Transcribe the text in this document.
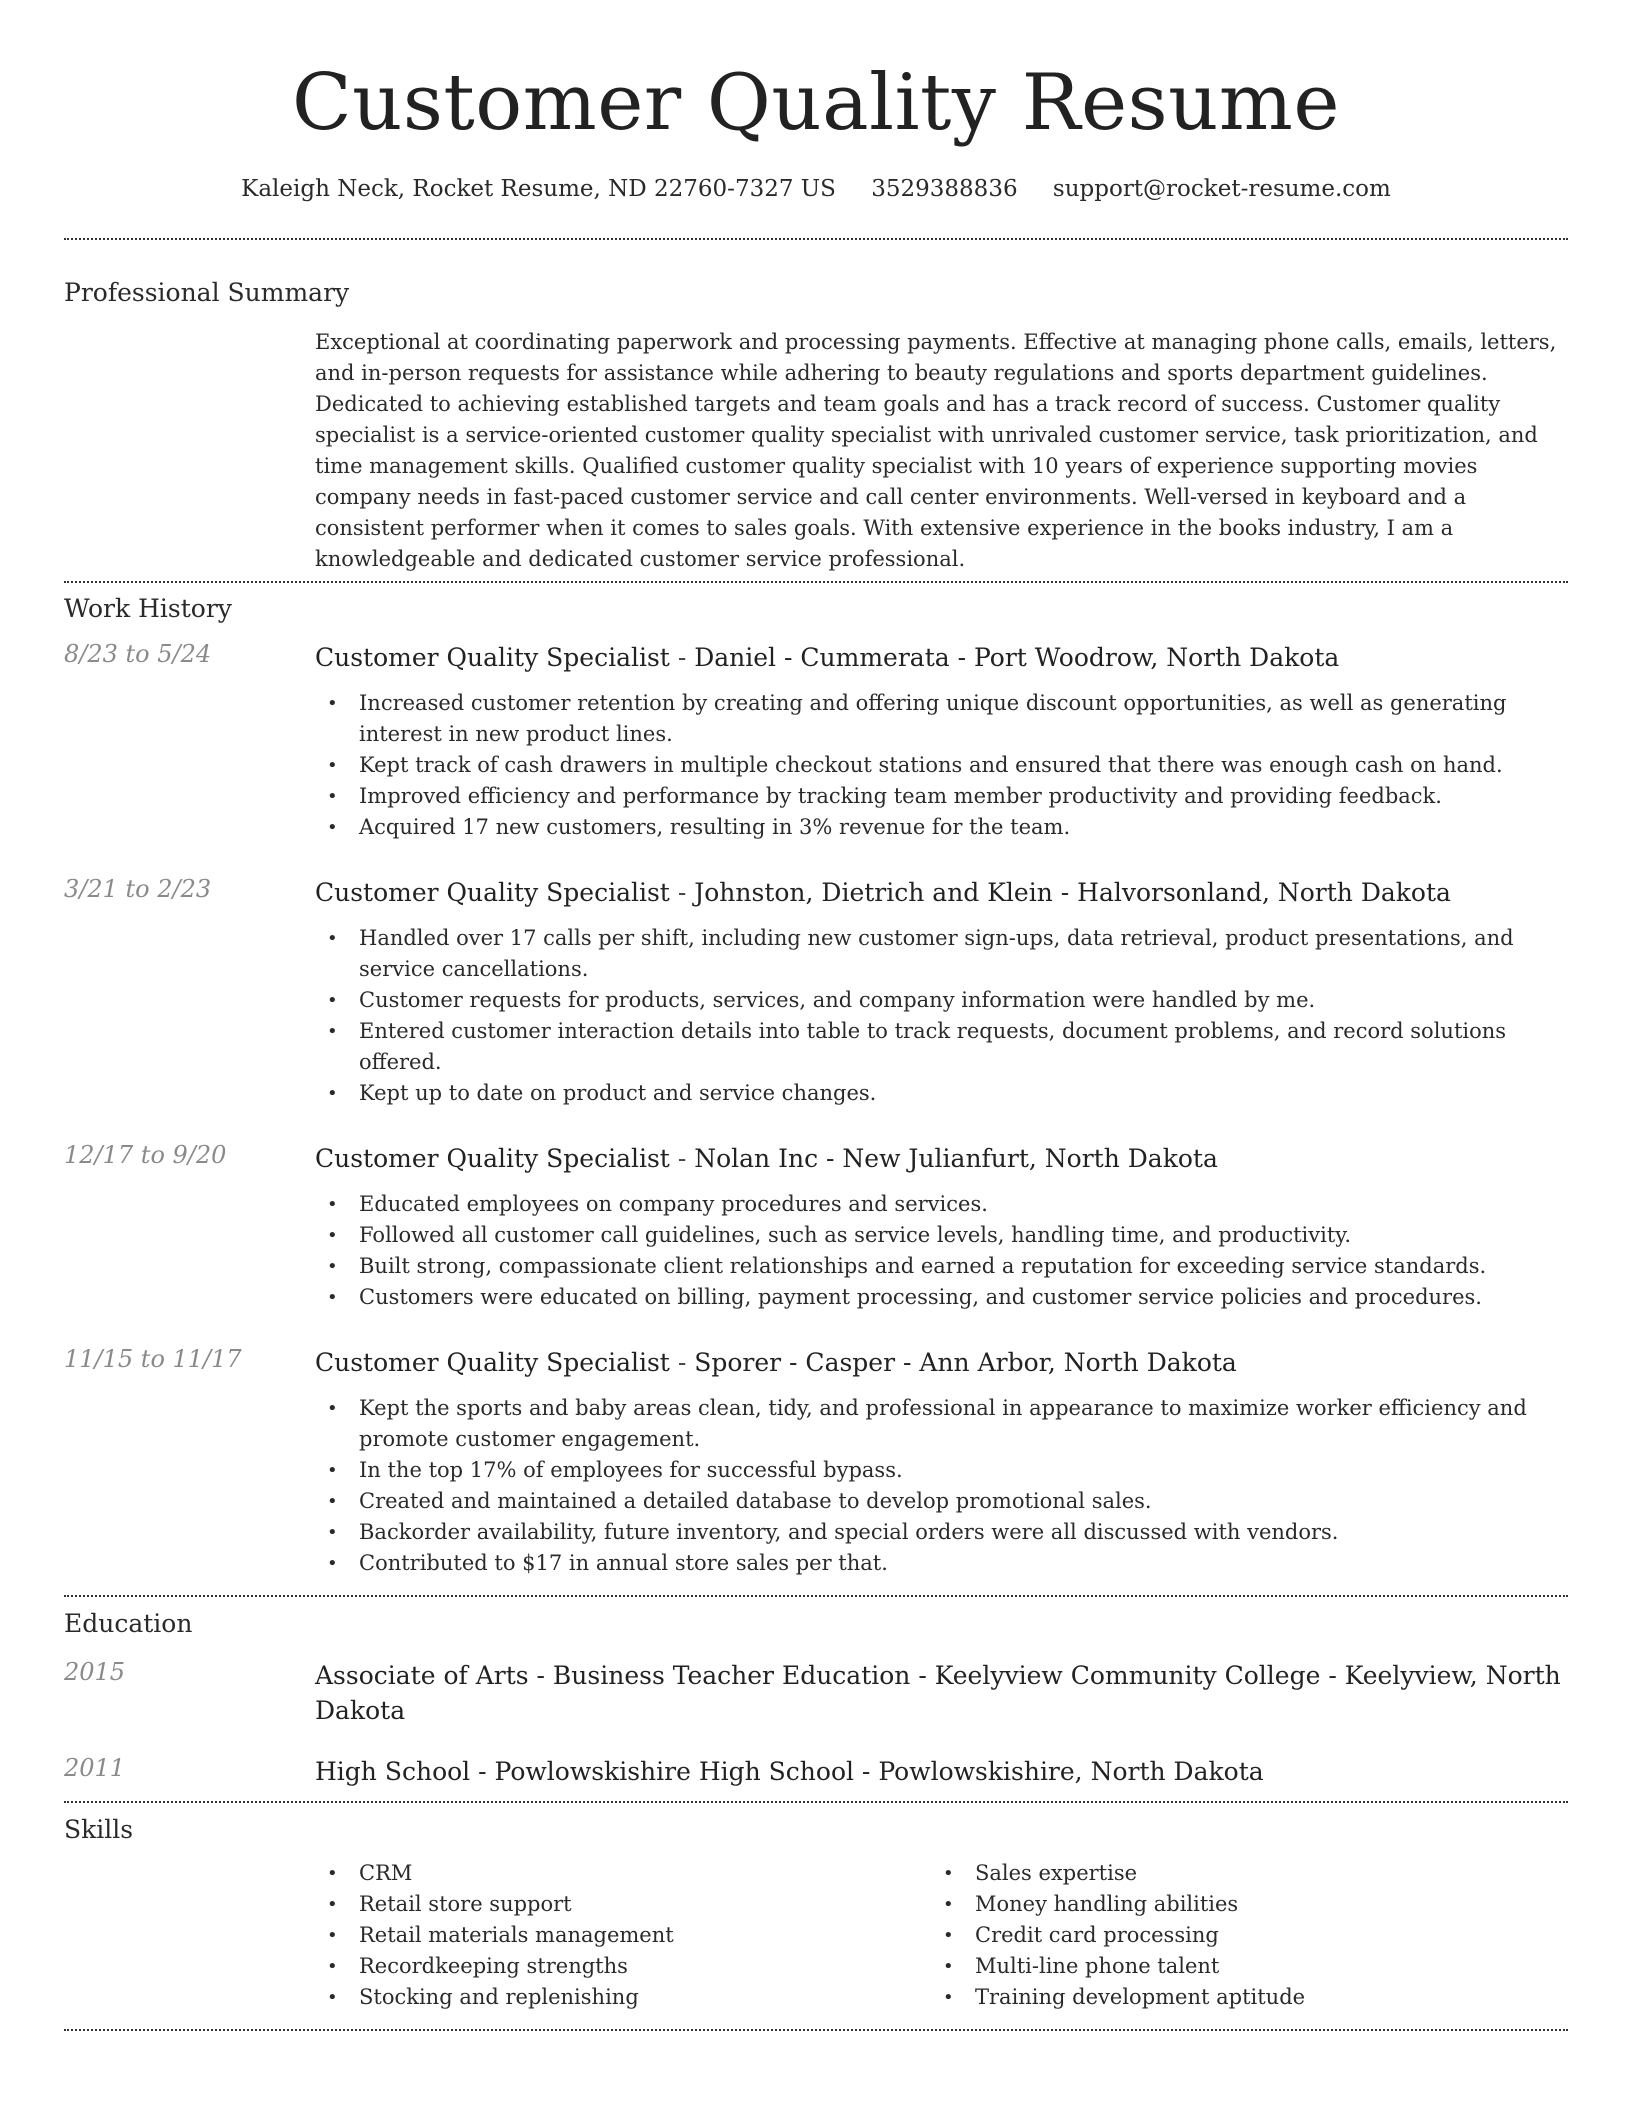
Customer Quality Resume
Kaleigh Neck, Rocket Resume, ND 22760-7327 US 3529388836 support@rocket-resume.com
Professional Summary
Exceptional at coordinating paperwork and processing payments. Effective at managing phone calls, emails, letters, and in-person requests for assistance while adhering to beauty regulations and sports department guidelines. Dedicated to achieving established targets and team goals and has a track record of success. Customer quality specialist is a service-oriented customer quality specialist with unrivaled customer service, task prioritization, and time management skills. Qualified customer quality specialist with 10 years of experience supporting movies company needs in fast-paced customer service and call center environments. Well-versed in keyboard and a consistent performer when it comes to sales goals. With extensive experience in the books industry, I am a knowledgeable and dedicated customer service professional.
Work History
8/23 to 5/24	Customer Quality Specialist - Daniel - Cummerata - Port Woodrow, North Dakota
• Increased customer retention by creating and offering unique discount opportunities, as well as generating interest in new product lines.
• Kept track of cash drawers in multiple checkout stations and ensured that there was enough cash on hand.
• Improved efficiency and performance by tracking team member productivity and providing feedback.
• Acquired 17 new customers, resulting in 3% revenue for the team.
3/21 to 2/23	Customer Quality Specialist - Johnston, Dietrich and Klein - Halvorsonland, North Dakota
• Handled over 17 calls per shift, including new customer sign-ups, data retrieval, product presentations, and service cancellations.
• Customer requests for products, services, and company information were handled by me.
• Entered customer interaction details into table to track requests, document problems, and record solutions offered.
• Kept up to date on product and service changes.
12/17 to 9/20	Customer Quality Specialist - Nolan Inc - New Julianfurt, North Dakota
• Educated employees on company procedures and services.
• Followed all customer call guidelines, such as service levels, handling time, and productivity.
• Built strong, compassionate client relationships and earned a reputation for exceeding service standards.
• Customers were educated on billing, payment processing, and customer service policies and procedures.
11/15 to 11/17	Customer Quality Specialist - Sporer - Casper - Ann Arbor, North Dakota
• Kept the sports and baby areas clean, tidy, and professional in appearance to maximize worker efficiency and promote customer engagement.
• In the top 17% of employees for successful bypass.
• Created and maintained a detailed database to develop promotional sales.
• Backorder availability, future inventory, and special orders were all discussed with vendors.
• Contributed to $17 in annual store sales per that.
Education
2015	Associate of Arts - Business Teacher Education - Keelyview Community College - Keelyview, North Dakota
2011	High School - Powlowskishire High School - Powlowskishire, North Dakota
Skills
• CRM
• Retail store support
• Retail materials management
• Recordkeeping strengths
• Stocking and replenishing
• Sales expertise
• Money handling abilities
• Credit card processing
• Multi-line phone talent
• Training development aptitude
